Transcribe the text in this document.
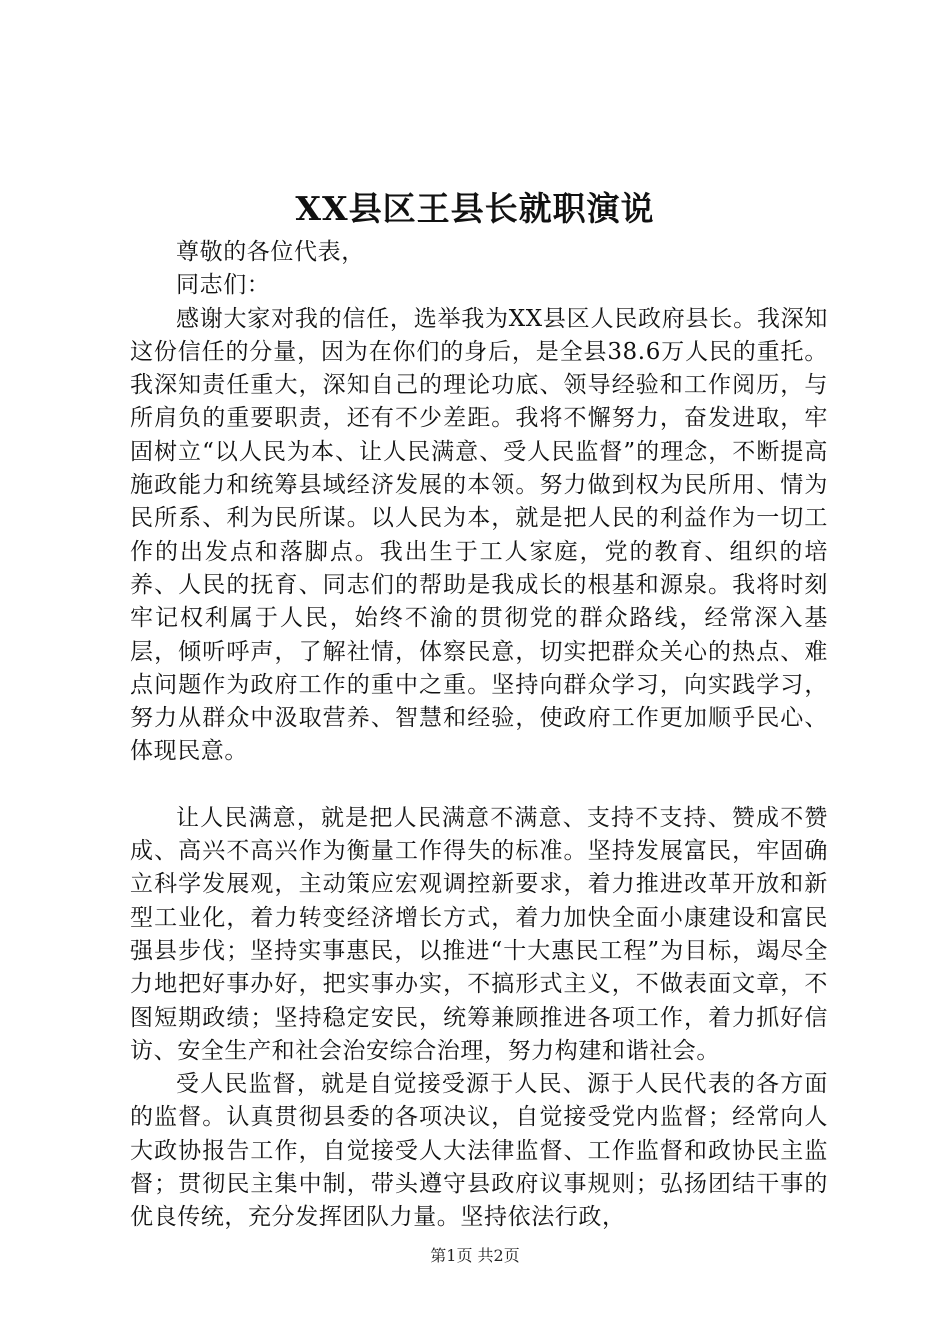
XX县区王县长就职演说

尊敬的各位代表，

同志们：

感谢大家对我的信任，选举我为XX县区人民政府县长。我深知这份信任的分量，因为在你们的身后，是全县38.6万人民的重托。我深知责任重大，深知自己的理论功底、领导经验和工作阅历，与所肩负的重要职责，还有不少差距。我将不懈努力，奋发进取，牢固树立“以人民为本、让人民满意、受人民监督”的理念，不断提高施政能力和统筹县域经济发展的本领。努力做到权为民所用、情为民所系、利为民所谋。以人民为本，就是把人民的利益作为一切工作的出发点和落脚点。我出生于工人家庭，党的教育、组织的培养、人民的抚育、同志们的帮助是我成长的根基和源泉。我将时刻牢记权利属于人民，始终不渝的贯彻党的群众路线，经常深入基层，倾听呼声，了解社情，体察民意，切实把群众关心的热点、难点问题作为政府工作的重中之重。坚持向群众学习，向实践学习，努力从群众中汲取营养、智慧和经验，使政府工作更加顺乎民心、体现民意。

让人民满意，就是把人民满意不满意、支持不支持、赞成不赞成、高兴不高兴作为衡量工作得失的标准。坚持发展富民，牢固确立科学发展观，主动策应宏观调控新要求，着力推进改革开放和新型工业化，着力转变经济增长方式，着力加快全面小康建设和富民强县步伐；坚持实事惠民，以推进“十大惠民工程”为目标，竭尽全力地把好事办好，把实事办实，不搞形式主义，不做表面文章，不图短期政绩；坚持稳定安民，统筹兼顾推进各项工作，着力抓好信访、安全生产和社会治安综合治理，努力构建和谐社会。

受人民监督，就是自觉接受源于人民、源于人民代表的各方面的监督。认真贯彻县委的各项决议，自觉接受党内监督；经常向人大政协报告工作，自觉接受人大法律监督、工作监督和政协民主监督；贯彻民主集中制，带头遵守县政府议事规则；弘扬团结干事的优良传统，充分发挥团队力量。坚持依法行政，

第1页 共2页
